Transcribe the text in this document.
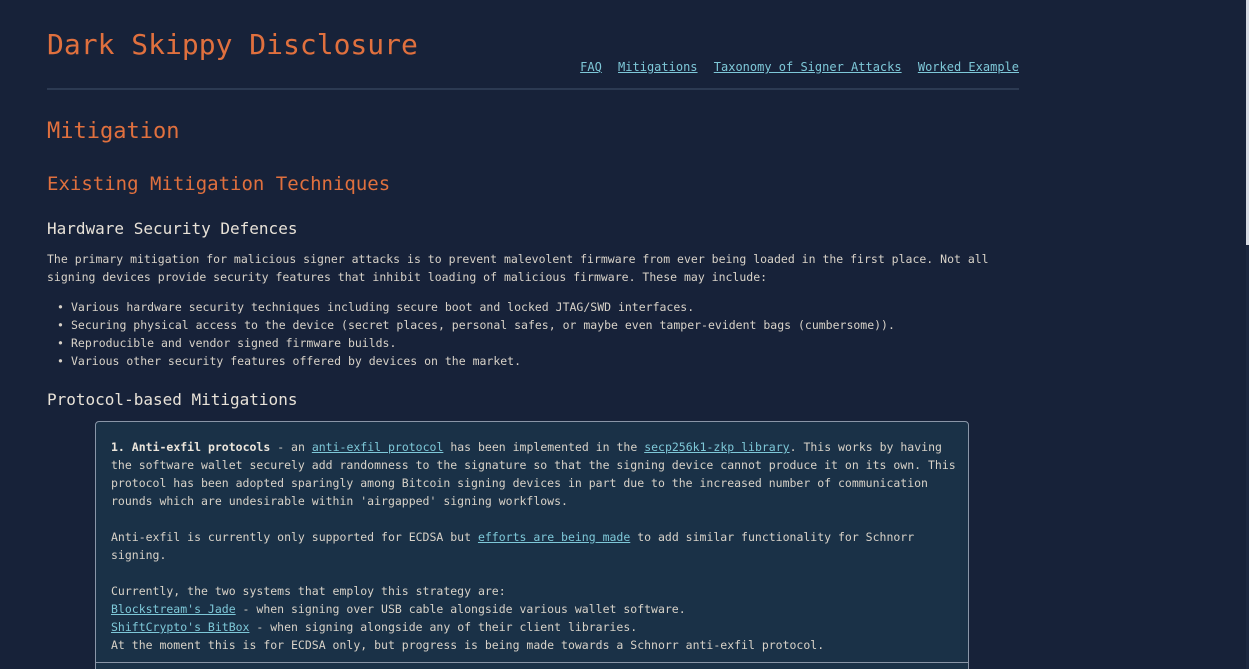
Dark Skippy Disclosure
FAQ Mitigations Taxonomy of Signer Attacks Worked Example
Mitigation
Existing Mitigation Techniques
Hardware Security Defences

The primary mitigation for malicious signer attacks is to prevent malevolent firmware from ever being loaded in the first place. Not all signing devices provide security features that inhibit loading of malicious firmware. These may include:

• Various hardware security techniques including secure boot and locked JTAG/SWD interfaces.
• Securing physical access to the device (secret places, personal safes, or maybe even tamper-evident bags (cumbersome)).
• Reproducible and vendor signed firmware builds.
• Various other security features offered by devices on the market.
Protocol-based Mitigations

1. Anti-exfil protocols - an anti-exfil protocol has been implemented in the secp256k1-zkp library. This works by having the software wallet securely add randomness to the signature so that the signing device cannot produce it on its own. This protocol has been adopted sparingly among Bitcoin signing devices in part due to the increased number of communication rounds which are undesirable within 'airgapped' signing workflows.

Anti-exfil is currently only supported for ECDSA but efforts are being made to add similar functionality for Schnorr signing.

Currently, the two systems that employ this strategy are:

Blockstream's Jade - when signing over USB cable alongside various wallet software.

ShiftCrypto's BitBox - when signing alongside any of their client libraries.

At the moment this is for ECDSA only, but progress is being made towards a Schnorr anti-exfil protocol.
